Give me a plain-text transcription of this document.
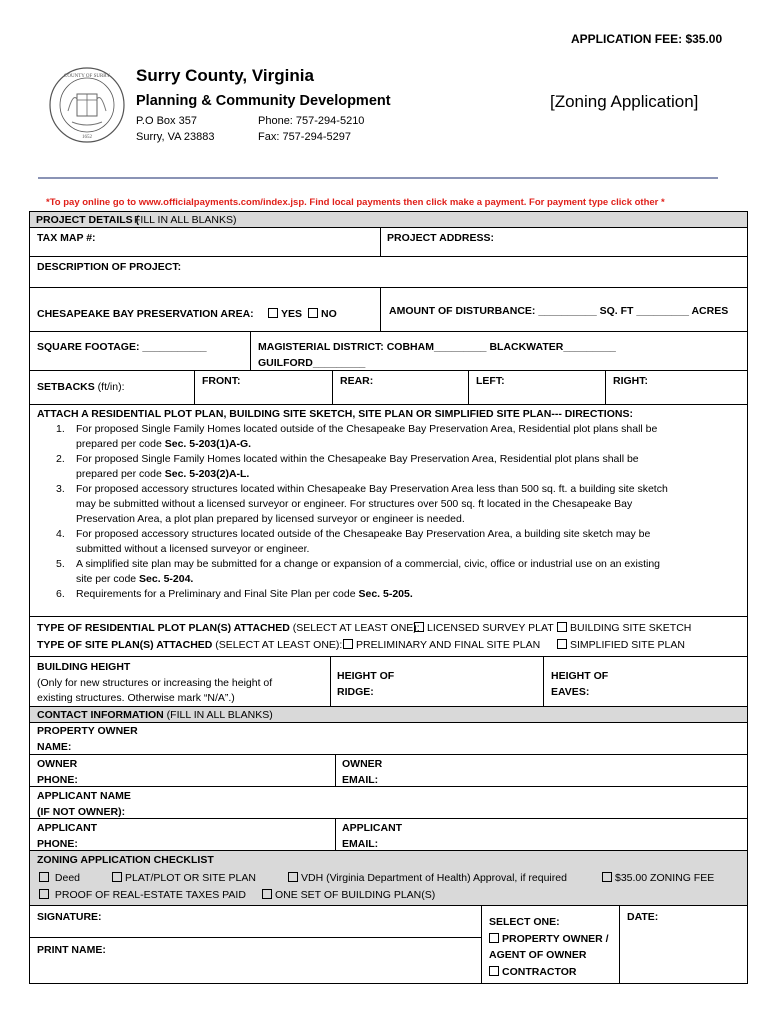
APPLICATION FEE: $35.00
COUNTY OF SURRY
1652
Surry County, Virginia
Planning & Community Development
P.O Box 357
Surry, VA 23883
Phone: 757-294-5210
Fax: 757-294-5297
[Zoning Application]
*To pay online go to www.officialpayments.com/index.jsp. Find local payments then click make a payment. For payment type click other *
PROJECT DETAILS (
FILL IN ALL BLANKS)
TAX MAP #:	PROJECT ADDRESS:
DESCRIPTION OF PROJECT:
CHESAPEAKE BAY PRESERVATION AREA:	YES	NO	AMOUNT OF DISTURBANCE: __________ SQ. FT _________ ACRES
SQUARE FOOTAGE: ___________	MAGISTERIAL DISTRICT: COBHAM_________ BLACKWATER_________
GUILFORD_________
SETBACKS (ft/in):	FRONT:	REAR:	LEFT:	RIGHT:
ATTACH A RESIDENTIAL PLOT PLAN, BUILDING SITE SKETCH, SITE PLAN OR SIMPLIFIED SITE PLAN--- DIRECTIONS:
1. For proposed Single Family Homes located outside of the Chesapeake Bay Preservation Area, Residential plot plans shall be
prepared per code Sec. 5-203(1)A-G.
2. For proposed Single Family Homes located within the Chesapeake Bay Preservation Area, Residential plot plans shall be
prepared per code Sec. 5-203(2)A-L.
3. For proposed accessory structures located within Chesapeake Bay Preservation Area less than 500 sq. ft. a building site sketch
may be submitted without a licensed surveyor or engineer. For structures over 500 sq. ft located in the Chesapeake Bay
Preservation Area, a plot plan prepared by licensed surveyor or engineer is needed.
4. For proposed accessory structures located outside of the Chesapeake Bay Preservation Area, a building site sketch may be
submitted without a licensed surveyor or engineer.
5. A simplified site plan may be submitted for a change or expansion of a commercial, civic, office or industrial use on an existing
site per code Sec. 5-204.
6. Requirements for a Preliminary and Final Site Plan per code Sec. 5-205.
TYPE OF RESIDENTIAL PLOT PLAN(S) ATTACHED (SELECT AT LEAST ONE): LICENSED SURVEY PLAT	BUILDING SITE SKETCH
TYPE OF SITE PLAN(S) ATTACHED (SELECT AT LEAST ONE):	PRELIMINARY AND FINAL SITE PLAN	SIMPLIFIED SITE PLAN
BUILDING HEIGHT
(Only for new structures or increasing the height of
existing structures. Otherwise mark “N/A”.)
HEIGHT OF
RIDGE:
HEIGHT OF
EAVES:
CONTACT INFORMATION (FILL IN ALL BLANKS)
PROPERTY OWNER
NAME:
OWNER
PHONE:
OWNER
EMAIL:
APPLICANT NAME
(IF NOT OWNER):
APPLICANT
PHONE:
APPLICANT
EMAIL:
ZONING APPLICATION CHECKLIST
Deed	PLAT/PLOT OR SITE PLAN	VDH (Virginia Department of Health) Approval, if required	$35.00 ZONING FEE
PROOF OF REAL-ESTATE TAXES PAID	ONE SET OF BUILDING PLAN(S)
SIGNATURE:
PRINT NAME:
SELECT ONE:
PROPERTY OWNER /
AGENT OF OWNER
CONTRACTOR
DATE:
